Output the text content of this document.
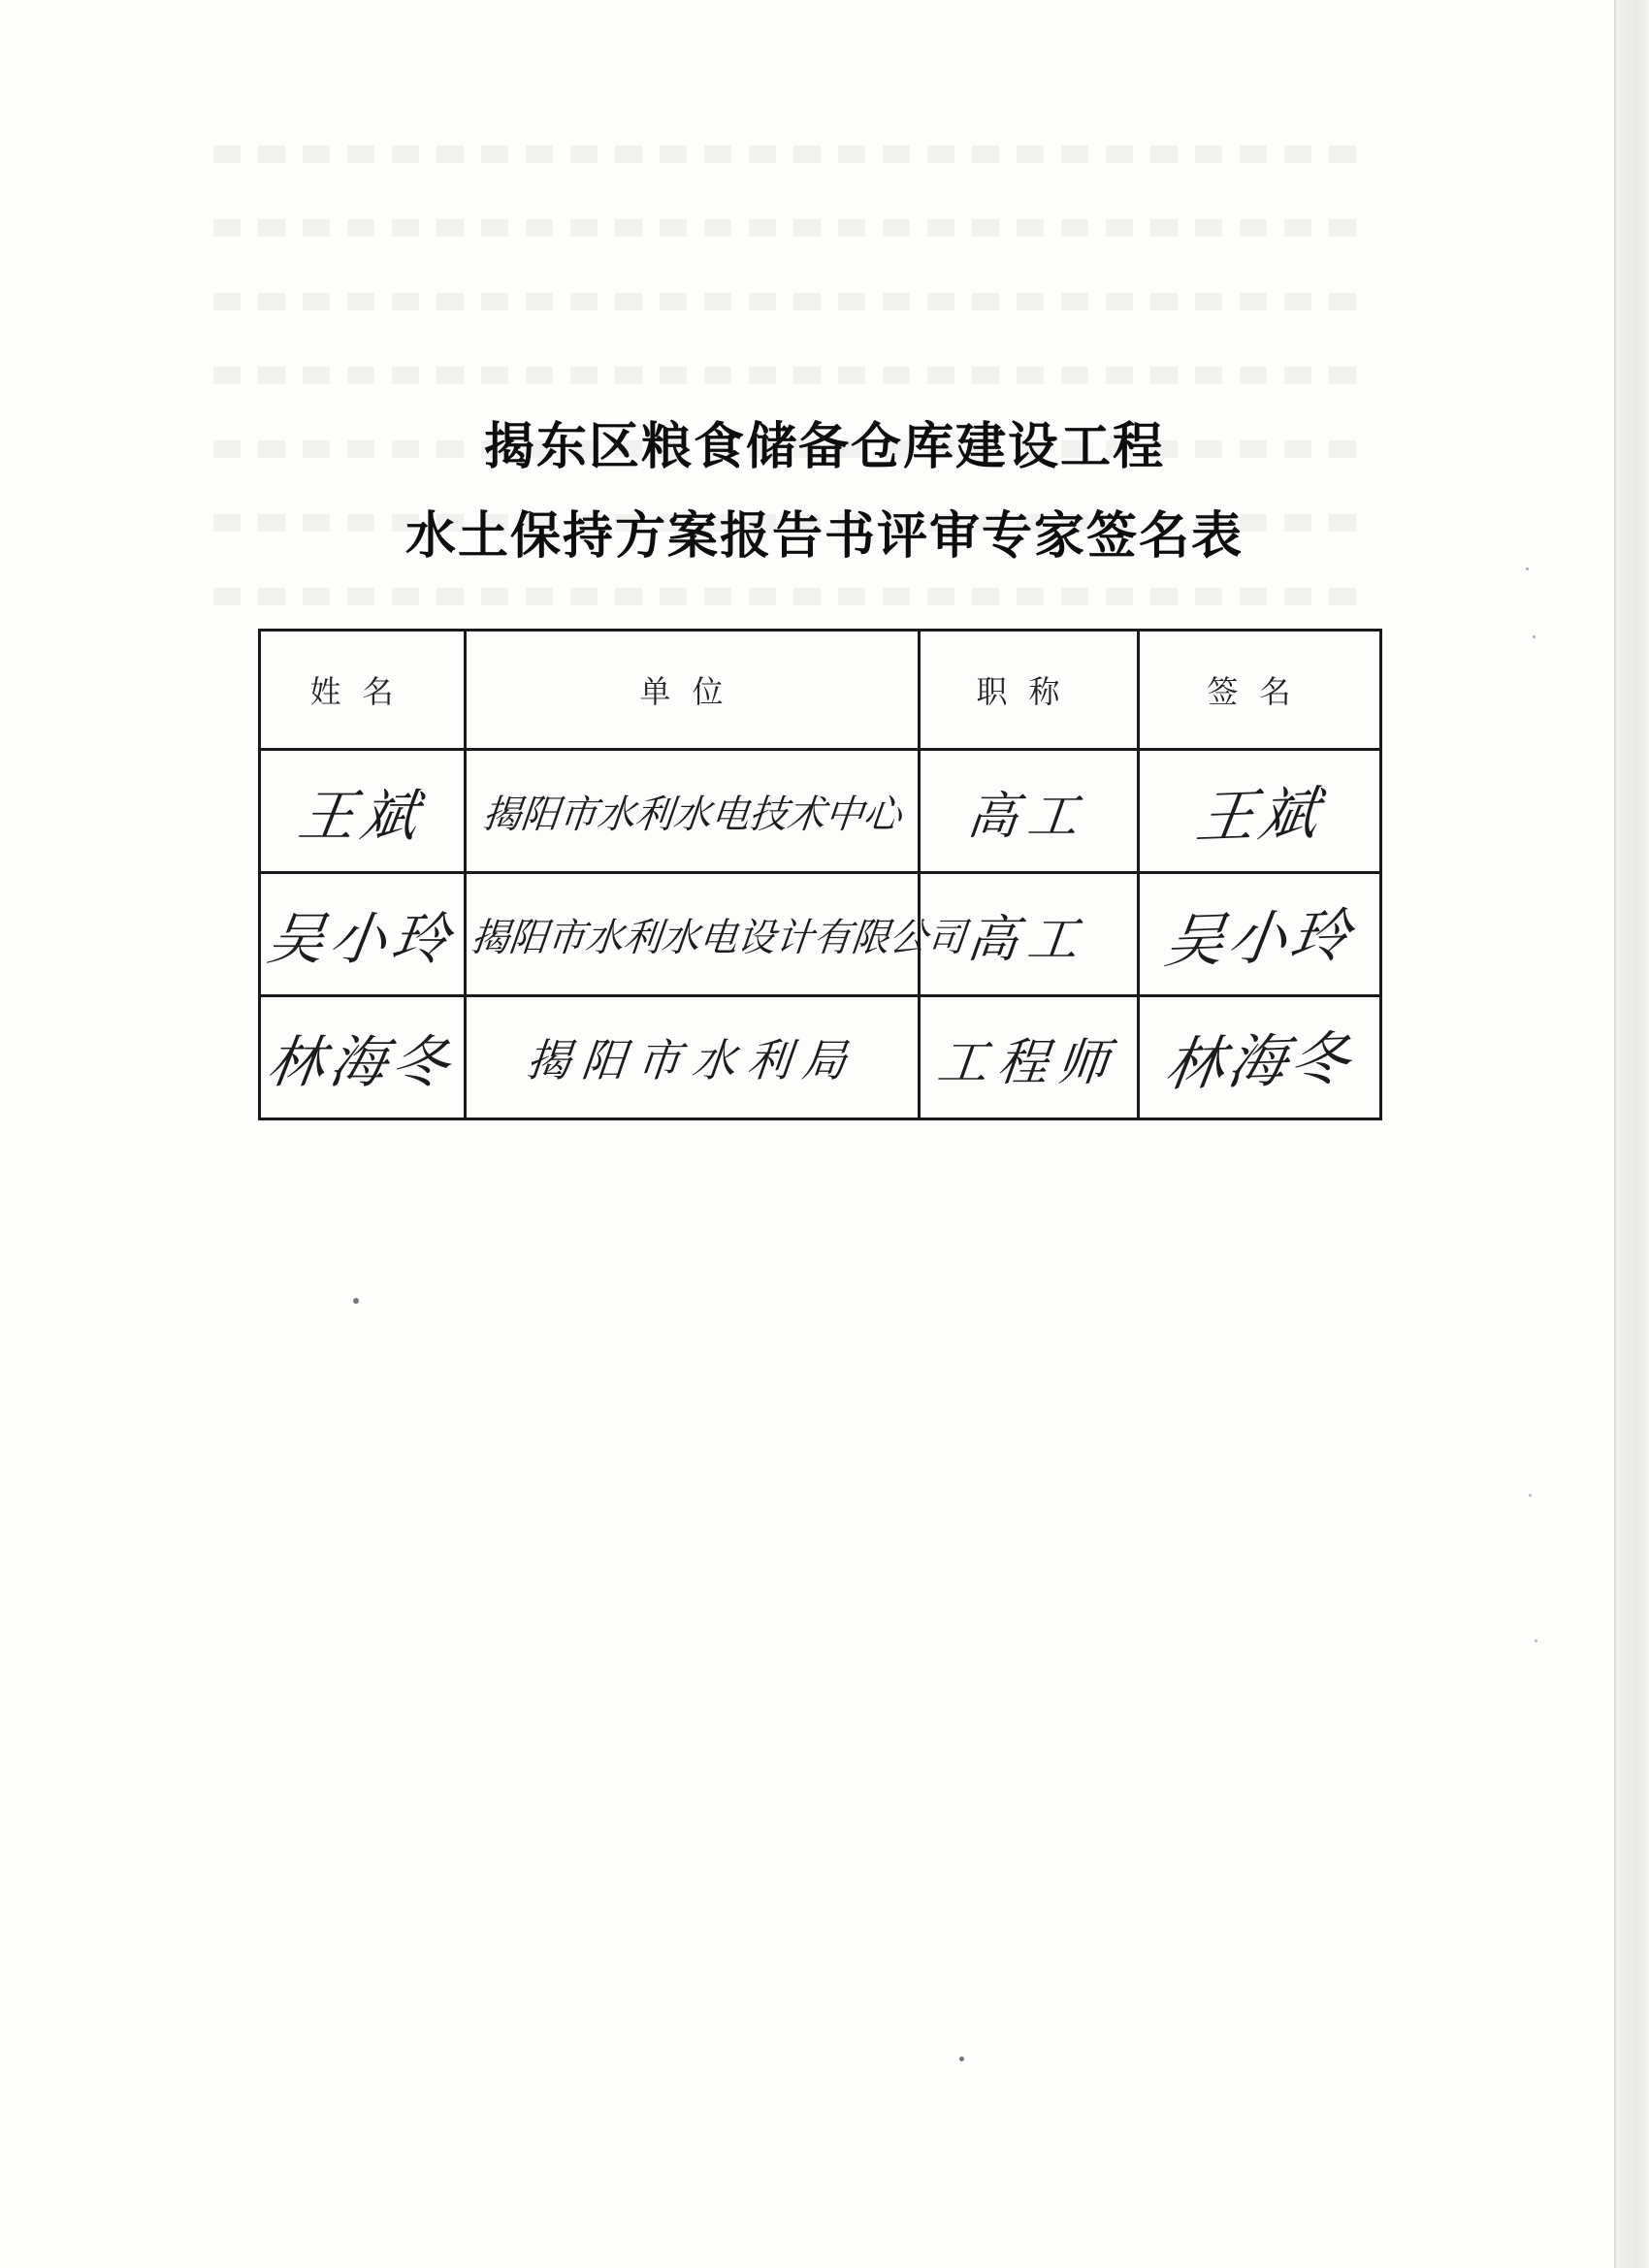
揭东区粮食储备仓库建设工程
水土保持方案报告书评审专家签名表
姓名	单位	职称	签名
王斌	揭阳市水利水电技术中心	高工	王斌
吴小玲	揭阳市水利水电设计有限公司	高工	吴小玲
林海冬	揭阳市水利局	工程师	林海冬
